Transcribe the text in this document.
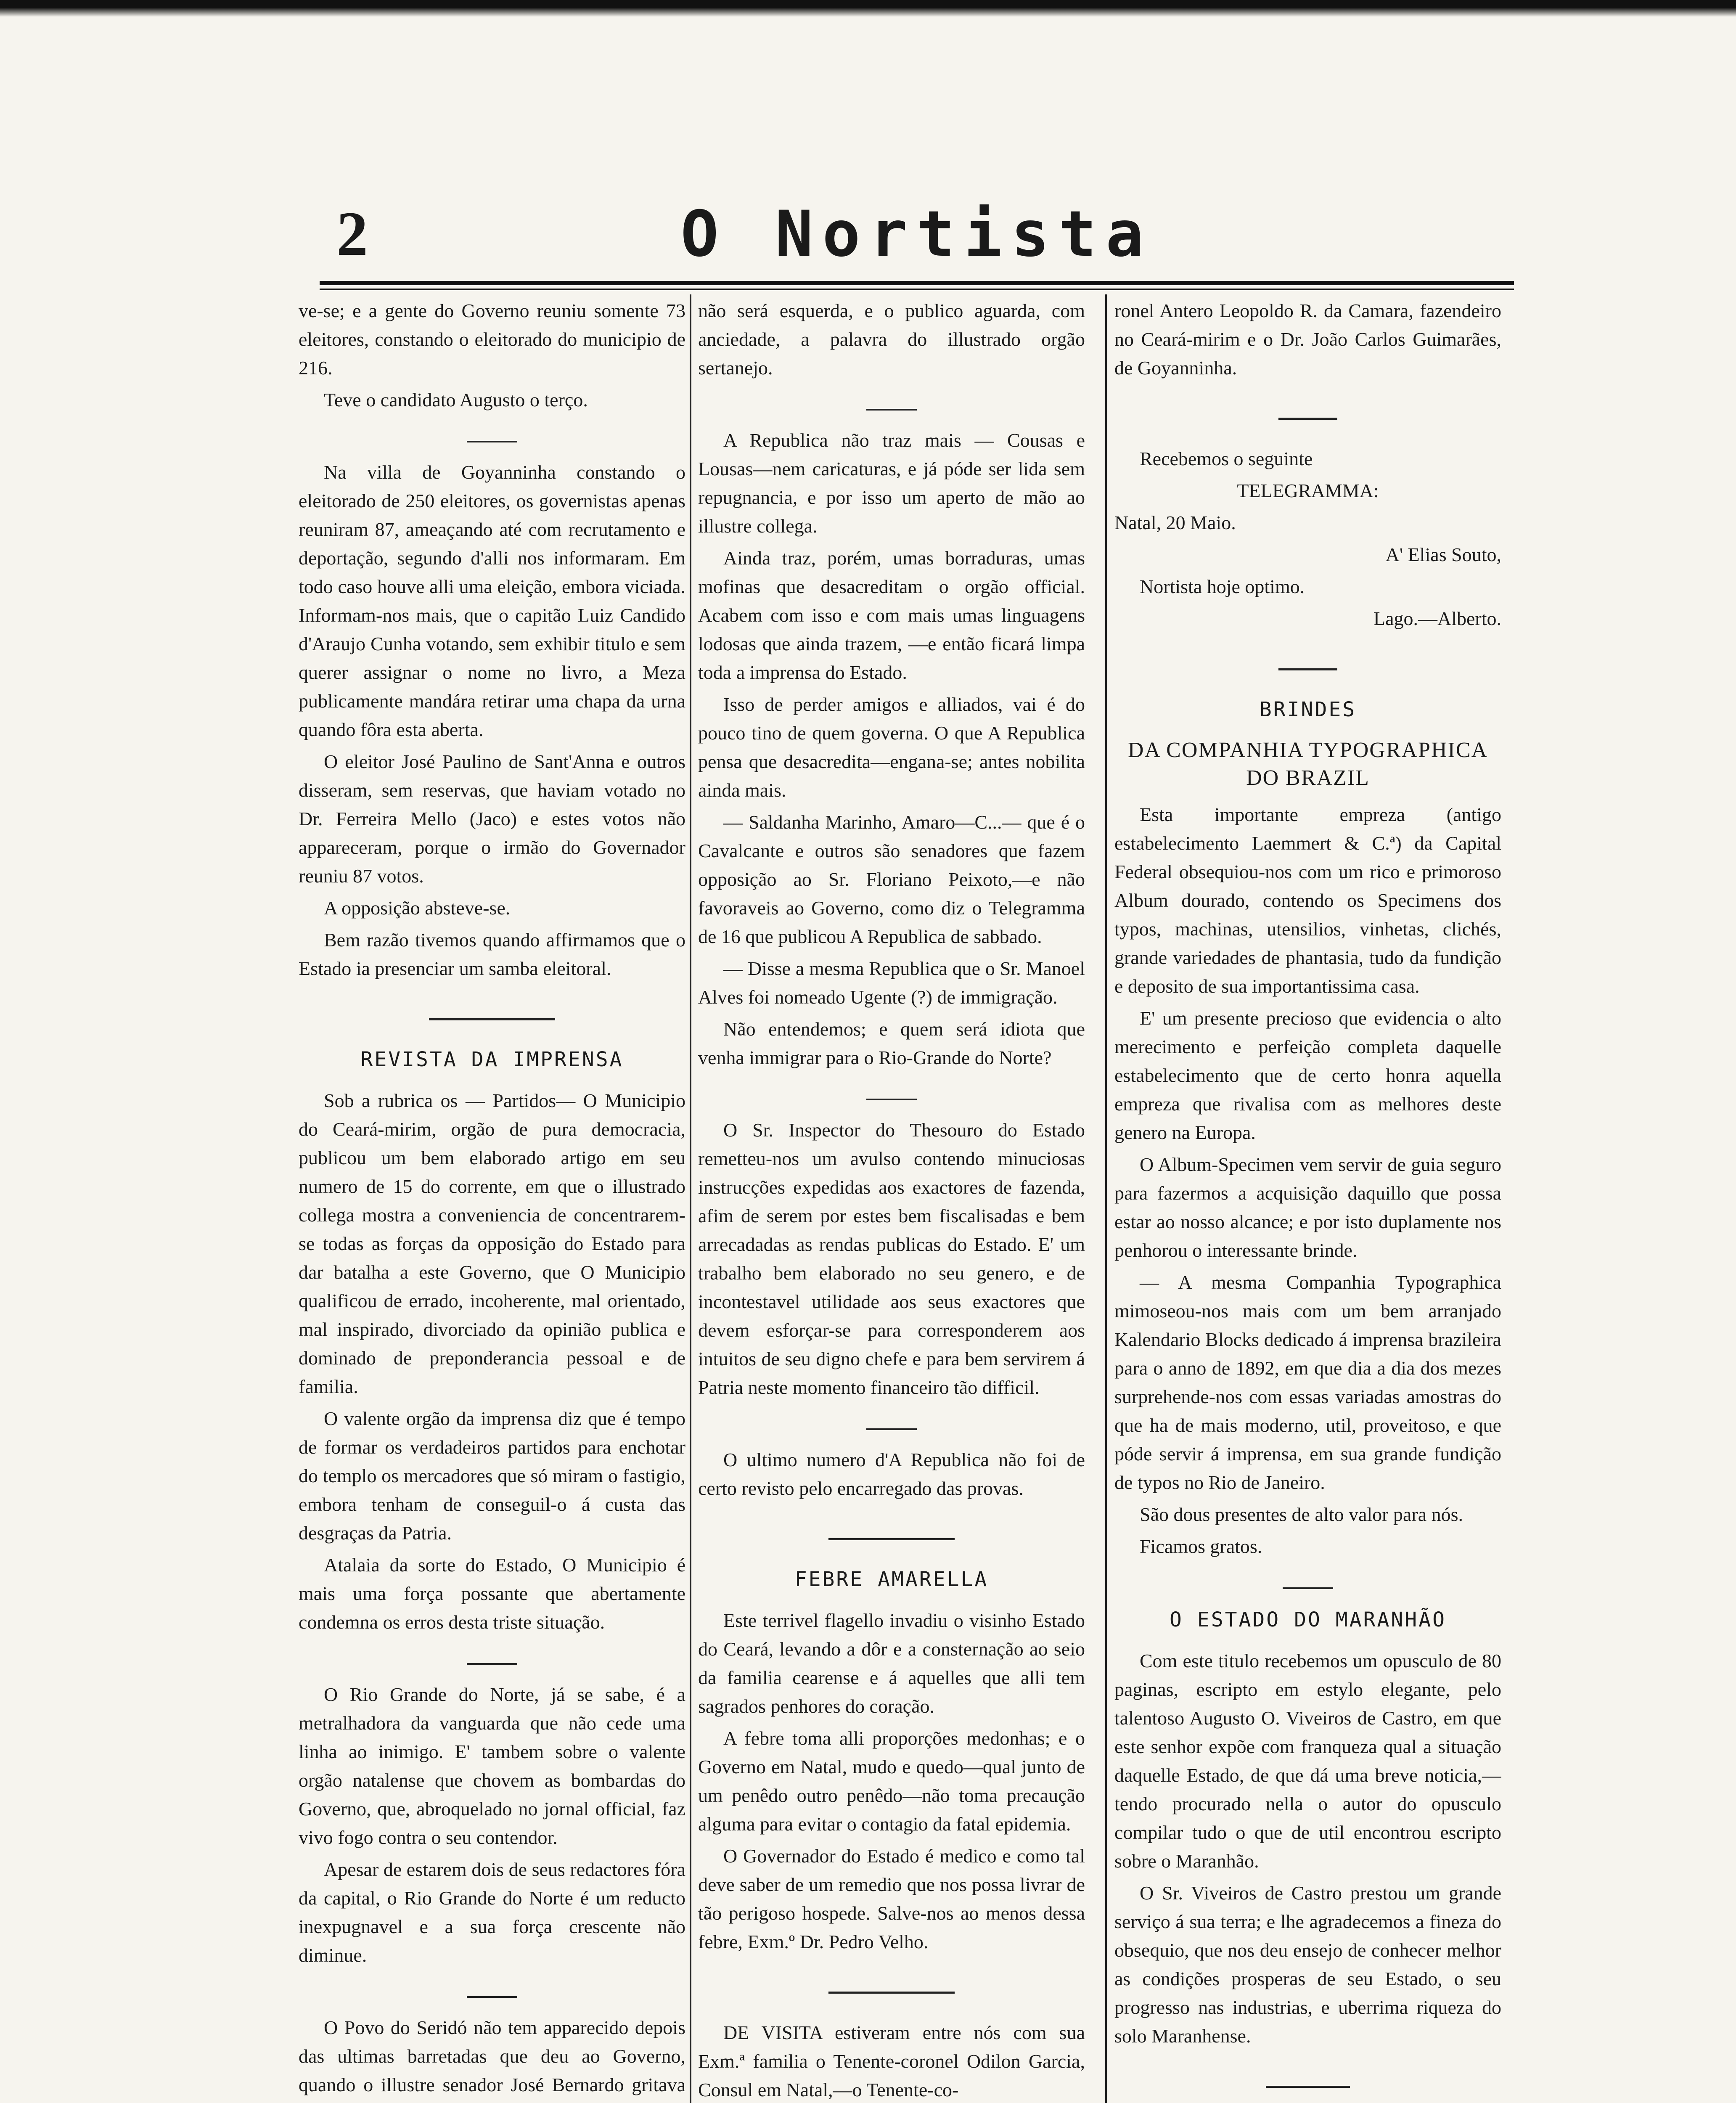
2	O Nortista

ve-se; e a gente do Governo reuniu somente 73 eleitores, constando o eleitorado do municipio de 216.

Teve o candidato Augusto o terço.

Na villa de Goyanninha constando o eleitorado de 250 eleitores, os governistas apenas reuniram 87, ameaçando até com recrutamento e deportação, segundo d'alli nos informaram. Em todo caso houve alli uma eleição, embora viciada. Informam-nos mais, que o capitão Luiz Candido d'Araujo Cunha votando, sem exhibir titulo e sem querer assignar o nome no livro, a Meza publicamente mandára retirar uma chapa da urna quando fôra esta aberta.

O eleitor José Paulino de Sant'Anna e outros disseram, sem reservas, que haviam votado no Dr. Ferreira Mello (Jaco) e estes votos não appareceram, porque o irmão do Governador reuniu 87 votos.

A opposição absteve-se.

Bem razão tivemos quando affirmamos que o Estado ia presenciar um samba eleitoral.

REVISTA DA IMPRENSA

Sob a rubrica os — Partidos— O Municipio do Ceará-mirim, orgão de pura democracia, publicou um bem elaborado artigo em seu numero de 15 do corrente, em que o illustrado collega mostra a conveniencia de concentrarem-se todas as forças da opposição do Estado para dar batalha a este Governo, que O Municipio qualificou de errado, incoherente, mal orientado, mal inspirado, divorciado da opinião publica e dominado de preponderancia pessoal e de familia.

O valente orgão da imprensa diz que é tempo de formar os verdadeiros partidos para enchotar do templo os mercadores que só miram o fastigio, embora tenham de conseguil-o á custa das desgraças da Patria.

Atalaia da sorte do Estado, O Municipio é mais uma força possante que abertamente condemna os erros desta triste situação.

O Rio Grande do Norte, já se sabe, é a metralhadora da vanguarda que não cede uma linha ao inimigo. E' tambem sobre o valente orgão natalense que chovem as bombardas do Governo, que, abroquelado no jornal official, faz vivo fogo contra o seu contendor.

Apesar de estarem dois de seus redactores fóra da capital, o Rio Grande do Norte é um reducto inexpugnavel e a sua força crescente não diminue.

O Povo do Seridó não tem apparecido depois das ultimas barretadas que deu ao Governo, quando o illustre senador José Bernardo gritava

não será esquerda, e o publico aguarda, com anciedade, a palavra do illustrado orgão sertanejo.

A Republica não traz mais — Cousas e Lousas—nem caricaturas, e já póde ser lida sem repugnancia, e por isso um aperto de mão ao illustre collega.

Ainda traz, porém, umas borraduras, umas mofinas que desacreditam o orgão official. Acabem com isso e com mais umas linguagens lodosas que ainda trazem, —e então ficará limpa toda a imprensa do Estado.

Isso de perder amigos e alliados, vai é do pouco tino de quem governa. O que A Republica pensa que desacredita—engana-se; antes nobilita ainda mais.

— Saldanha Marinho, Amaro—C...— que é o Cavalcante e outros são senadores que fazem opposição ao Sr. Floriano Peixoto,—e não favoraveis ao Governo, como diz o Telegramma de 16 que publicou A Republica de sabbado.

— Disse a mesma Republica que o Sr. Manoel Alves foi nomeado Ugente (?) de immigração.

Não entendemos; e quem será idiota que venha immigrar para o Rio-Grande do Norte?

O Sr. Inspector do Thesouro do Estado remetteu-nos um avulso contendo minuciosas instrucções expedidas aos exactores de fazenda, afim de serem por estes bem fiscalisadas e bem arrecadadas as rendas publicas do Estado. E' um trabalho bem elaborado no seu genero, e de incontestavel utilidade aos seus exactores que devem esforçar-se para corresponderem aos intuitos de seu digno chefe e para bem servirem á Patria neste momento financeiro tão difficil.

O ultimo numero d'A Republica não foi de certo revisto pelo encarregado das provas.

FEBRE AMARELLA

Este terrivel flagello invadiu o visinho Estado do Ceará, levando a dôr e a consternação ao seio da familia cearense e á aquelles que alli tem sagrados penhores do coração.

A febre toma alli proporções medonhas; e o Governo em Natal, mudo e quedo—qual junto de um penêdo outro penêdo—não toma precaução alguma para evitar o contagio da fatal epidemia.

O Governador do Estado é medico e como tal deve saber de um remedio que nos possa livrar de tão perigoso hospede. Salve-nos ao menos dessa febre, Exm.º Dr. Pedro Velho.

DE VISITA estiveram entre nós com sua Exm.ª familia o Tenente-coronel Odilon Garcia, Consul em Natal,—o Tenente-co-

ronel Antero Leopoldo R. da Camara, fazendeiro no Ceará-mirim e o Dr. João Carlos Guimarães, de Goyanninha.

Recebemos o seguinte

TELEGRAMMA:

Natal, 20 Maio.

A' Elias Souto,

Nortista hoje optimo.

Lago.—Alberto.

BRINDES
DA COMPANHIA TYPOGRAPHICA DO BRAZIL

Esta importante empreza (antigo estabelecimento Laemmert & C.ª) da Capital Federal obsequiou-nos com um rico e primoroso Album dourado, contendo os Specimens dos typos, machinas, utensilios, vinhetas, clichés, grande variedades de phantasia, tudo da fundição e deposito de sua importantissima casa.

E' um presente precioso que evidencia o alto merecimento e perfeição completa daquelle estabelecimento que de certo honra aquella empreza que rivalisa com as melhores deste genero na Europa.

O Album-Specimen vem servir de guia seguro para fazermos a acquisição daquillo que possa estar ao nosso alcance; e por isto duplamente nos penhorou o interessante brinde.

— A mesma Companhia Typographica mimoseou-nos mais com um bem arranjado Kalendario Blocks dedicado á imprensa brazileira para o anno de 1892, em que dia a dia dos mezes surprehende-nos com essas variadas amostras do que ha de mais moderno, util, proveitoso, e que póde servir á imprensa, em sua grande fundição de typos no Rio de Janeiro.

São dous presentes de alto valor para nós.

Ficamos gratos.

O ESTADO DO MARANHÃO

Com este titulo recebemos um opusculo de 80 paginas, escripto em estylo elegante, pelo talentoso Augusto O. Viveiros de Castro, em que este senhor expõe com franqueza qual a situação daquelle Estado, de que dá uma breve noticia,—tendo procurado nella o autor do opusculo compilar tudo o que de util encontrou escripto sobre o Maranhão.

O Sr. Viveiros de Castro prestou um grande serviço á sua terra; e lhe agradecemos a fineza do obsequio, que nos deu ensejo de conhecer melhor as condições prosperas de seu Estado, o seu progresso nas industrias, e uberrima riqueza do solo Maranhense.
